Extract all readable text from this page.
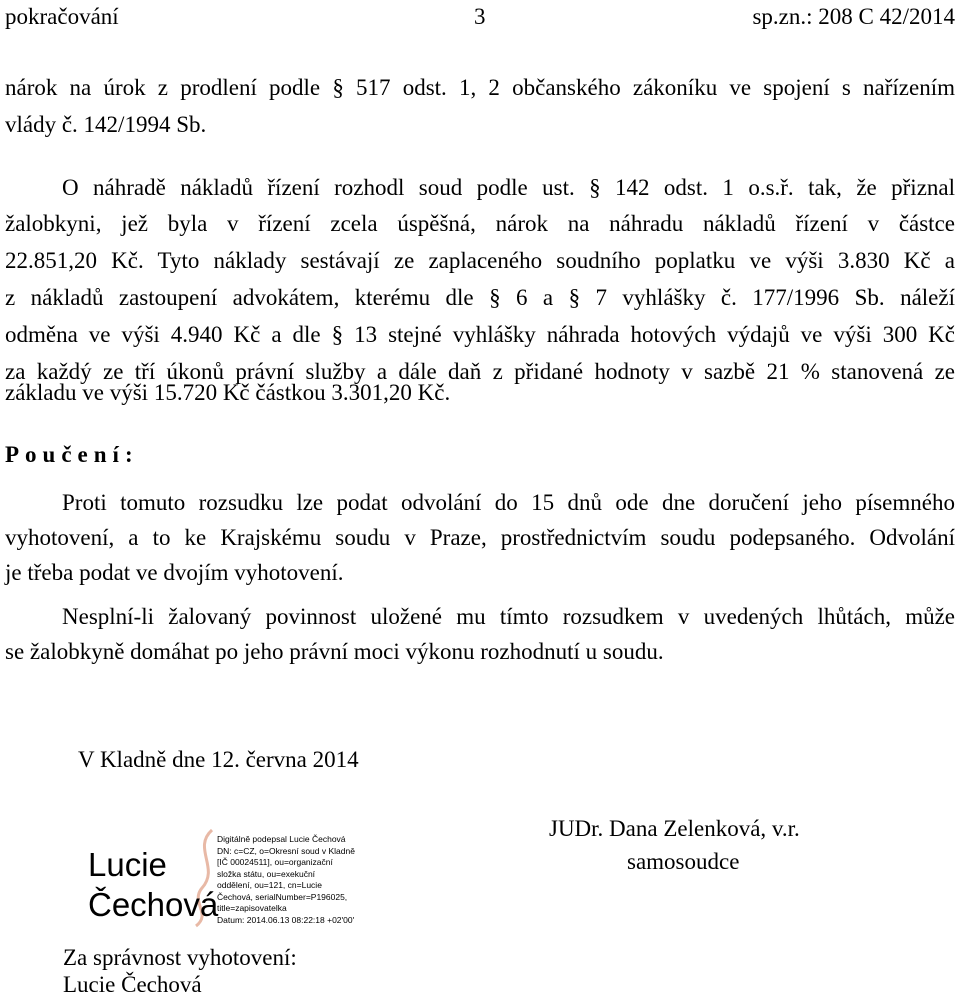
pokračování	3	sp.zn.: 208 C 42/2014
nárok na úrok z prodlení podle § 517 odst. 1, 2 občanského zákoníku ve spojení s nařízením
vlády č. 142/1994 Sb.
O náhradě nákladů řízení rozhodl soud podle ust. § 142 odst. 1 o.s.ř. tak, že přiznal
žalobkyni, jež byla v řízení zcela úspěšná, nárok na náhradu nákladů řízení v částce
22.851,20 Kč. Tyto náklady sestávají ze zaplaceného soudního poplatku ve výši 3.830 Kč a
z nákladů zastoupení advokátem, kterému dle § 6 a § 7 vyhlášky č. 177/1996 Sb. náleží
odměna ve výši 4.940 Kč a dle § 13 stejné vyhlášky náhrada hotových výdajů ve výši 300 Kč
za každý ze tří úkonů právní služby a dále daň z přidané hodnoty v sazbě 21 % stanovená ze
základu ve výši 15.720 Kč částkou 3.301,20 Kč.
Poučení:
Proti tomuto rozsudku lze podat odvolání do 15 dnů ode dne doručení jeho písemného
vyhotovení, a to ke Krajskému soudu v Praze, prostřednictvím soudu podepsaného. Odvolání
je třeba podat ve dvojím vyhotovení.
Nesplní-li žalovaný povinnost uložené mu tímto rozsudkem v uvedených lhůtách, může
se žalobkyně domáhat po jeho právní moci výkonu rozhodnutí u soudu.
V Kladně dne 12. června 2014
JUDr. Dana Zelenková, v.r.
samosoudce
Lucie
Čechová
Digitálně podepsal Lucie Čechová
DN: c=CZ, o=Okresní soud v Kladně
[IČ 00024511], ou=organizační
složka státu, ou=exekuční
oddělení, ou=121, cn=Lucie
Čechová, serialNumber=P196025,
title=zapisovatelka
Datum: 2014.06.13 08:22:18 +02'00'
Za správnost vyhotovení:
Lucie Čechová
